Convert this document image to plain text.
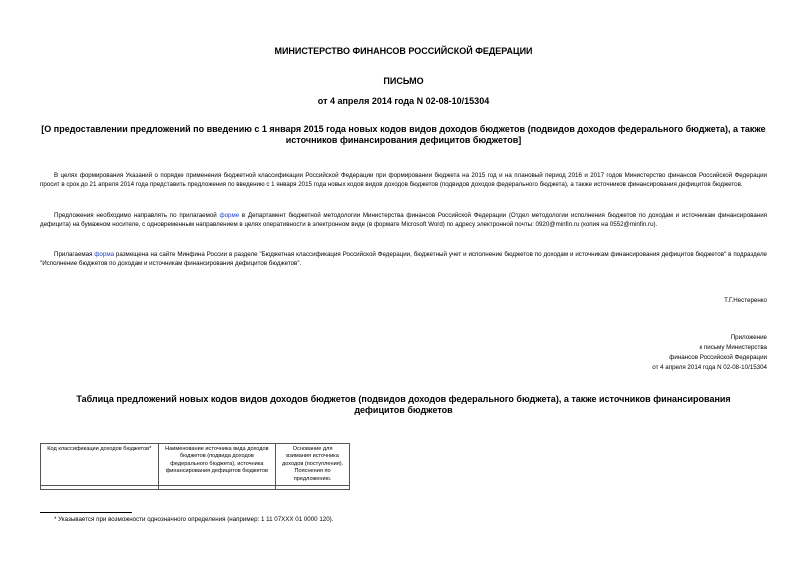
МИНИСТЕРСТВО ФИНАНСОВ РОССИЙСКОЙ ФЕДЕРАЦИИ
ПИСЬМО
от 4 апреля 2014 года N 02-08-10/15304
[О предоставлении предложений по введению с 1 января 2015 года новых кодов видов доходов бюджетов (подвидов доходов федерального бюджета), а также источников финансирования дефицитов бюджетов]

В целях формирования Указаний о порядке применения бюджетной классификации Российской Федерации при формировании бюджета на 2015 год и на плановый период 2016 и 2017 годов Министерство финансов Российской Федерации просит в срок до 21 апреля 2014 года представить предложения по введению с 1 января 2015 года новых кодов видов доходов бюджетов (подвидов доходов федерального бюджета), а также источников финансирования дефицитов бюджетов.

Предложения необходимо направлять по прилагаемой форме в Департамент бюджетной методологии Министерства финансов Российской Федерации (Отдел методологии исполнения бюджетов по доходам и источникам финансирования дефицита) на бумажном носителе, с одновременным направлением в целях оперативности в электронном виде (в формате Microsoft Word) по адресу электронной почты: 0920@minfin.ru (копия на 0552@minfin.ru).

Прилагаемая форма размещена на сайте Минфина России в разделе "Бюджетная классификация Российской Федерации, бюджетный учет и исполнение бюджетов по доходам и источникам финансирования дефицитов бюджетов" в подразделе "Исполнение бюджетов по доходам и источникам финансирования дефицитов бюджетов".

Т.Г.Нестеренко
Приложение
к письму Министерства
финансов Российской Федерации
от 4 апреля 2014 года N 02-08-10/15304
Таблица предложений новых кодов видов доходов бюджетов (подвидов доходов федерального бюджета), а также источников финансирования дефицитов бюджетов
Код классификации доходов бюджетов*	Наименование источника вида доходов бюджетов (подвида доходов федерального бюджета), источника финансирования дефицитов бюджетов	Основание для взимания источника доходов (поступления). Пояснения по предложению.

* Указывается при возможности однозначного определения (например: 1 11 07ХХХ 01 0000 120).
